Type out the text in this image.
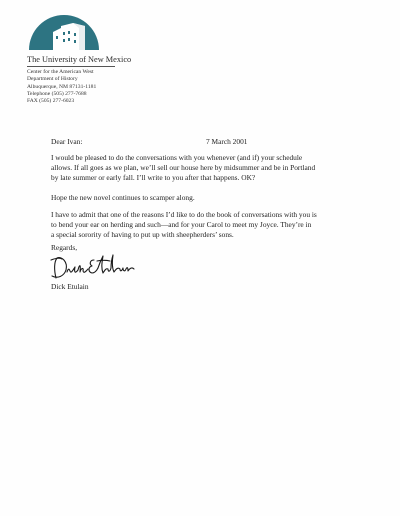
The University of New Mexico
Center for the American West
Department of History
Albuquerque, NM 87131-1181
Telephone (505) 277-7688
FAX (505) 277-6023
Dear Ivan:	7 March 2001
I would be pleased to do the conversations with you whenever (and if) your schedule
allows. If all goes as we plan, we’ll sell our house here by midsummer and be in Portland
by late summer or early fall. I’ll write to you after that happens. OK?
Hope the new novel continues to scamper along.
I have to admit that one of the reasons I’d like to do the book of conversations with you is
to bend your ear on herding and such—and for your Carol to meet my Joyce. They’re in
a special sorority of having to put up with sheepherders’ sons.
Regards,
Dick Etulain
